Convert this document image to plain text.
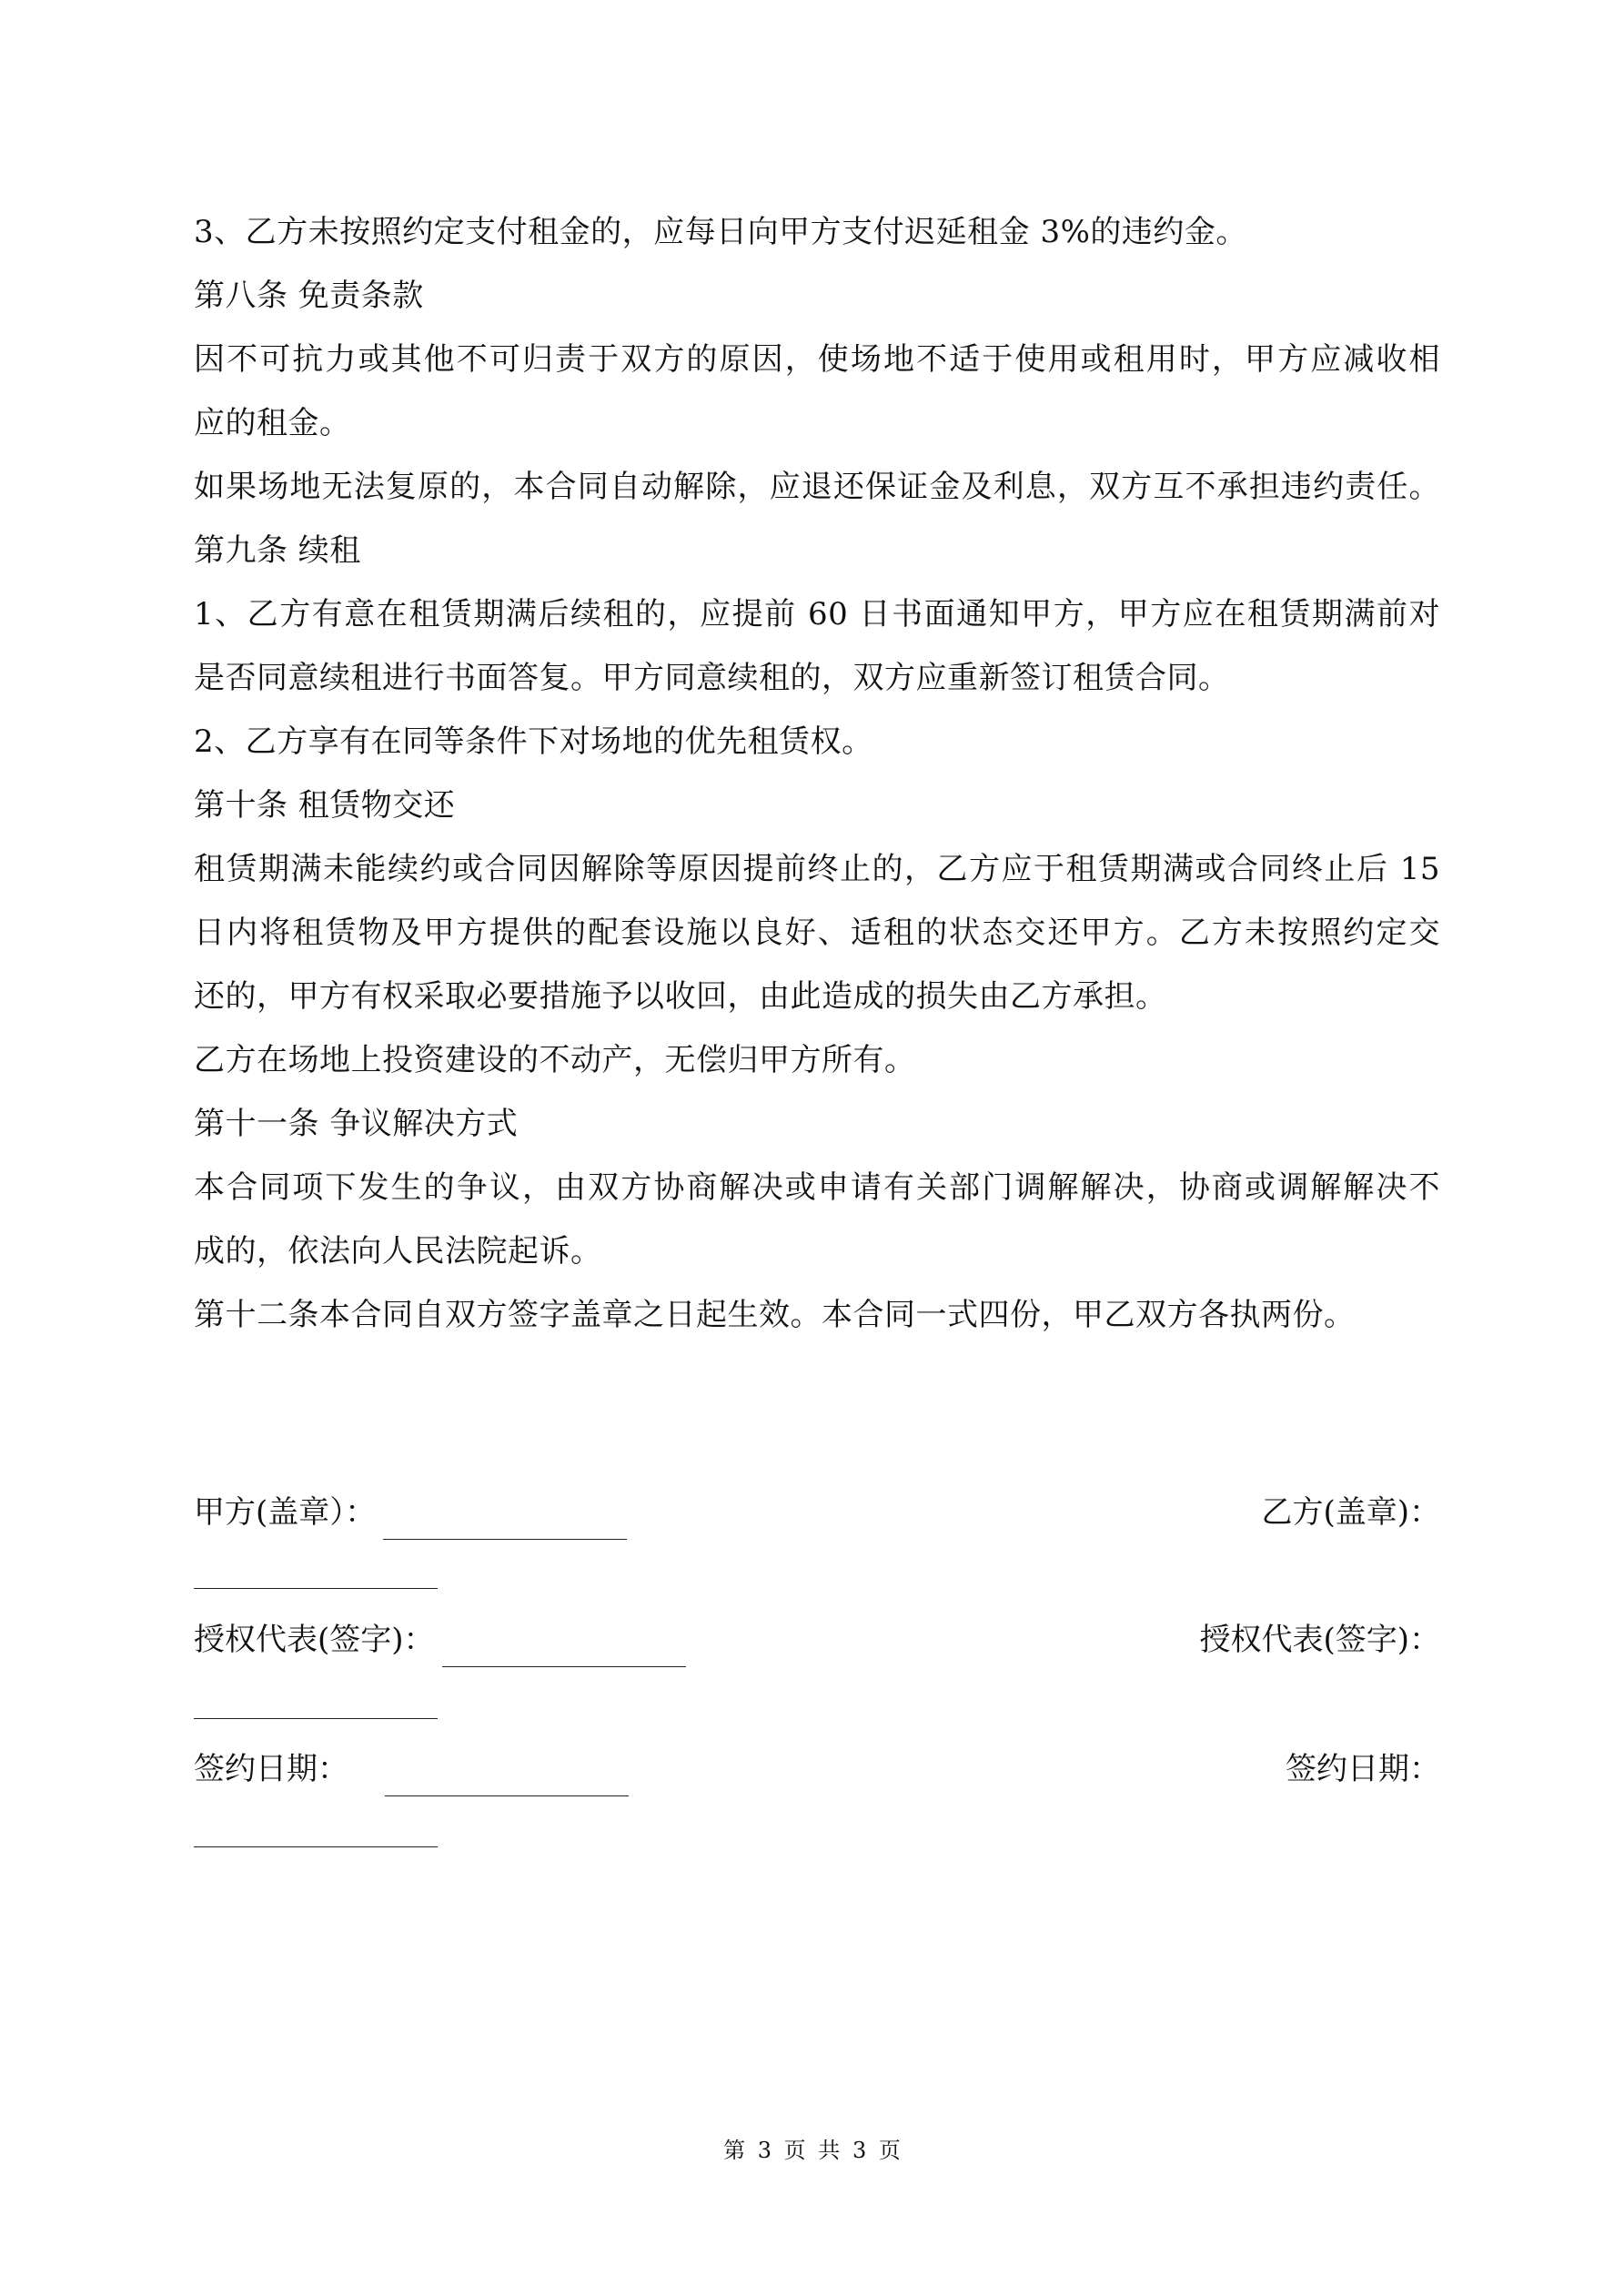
3、乙方未按照约定支付租金的，应每日向甲方支付迟延租金 3%的违约金。
第八条 免责条款
因不可抗力或其他不可归责于双方的原因，使场地不适于使用或租用时，甲方应减收相
应的租金。
如果场地无法复原的，本合同自动解除，应退还保证金及利息，双方互不承担违约责任。
第九条 续租
1、乙方有意在租赁期满后续租的，应提前 60 日书面通知甲方，甲方应在租赁期满前对
是否同意续租进行书面答复。甲方同意续租的，双方应重新签订租赁合同。
2、乙方享有在同等条件下对场地的优先租赁权。
第十条 租赁物交还
租赁期满未能续约或合同因解除等原因提前终止的，乙方应于租赁期满或合同终止后 15
日内将租赁物及甲方提供的配套设施以良好、适租的状态交还甲方。乙方未按照约定交
还的，甲方有权采取必要措施予以收回，由此造成的损失由乙方承担。
乙方在场地上投资建设的不动产，无偿归甲方所有。
第十一条 争议解决方式
本合同项下发生的争议，由双方协商解决或申请有关部门调解解决，协商或调解解决不
成的，依法向人民法院起诉。
第十二条本合同自双方签字盖章之日起生效。本合同一式四份，甲乙双方各执两份。
甲方(盖章）：	乙方(盖章)：
授权代表(签字)：	授权代表(签字)：
签约日期：	签约日期：
第 3 页 共 3 页
